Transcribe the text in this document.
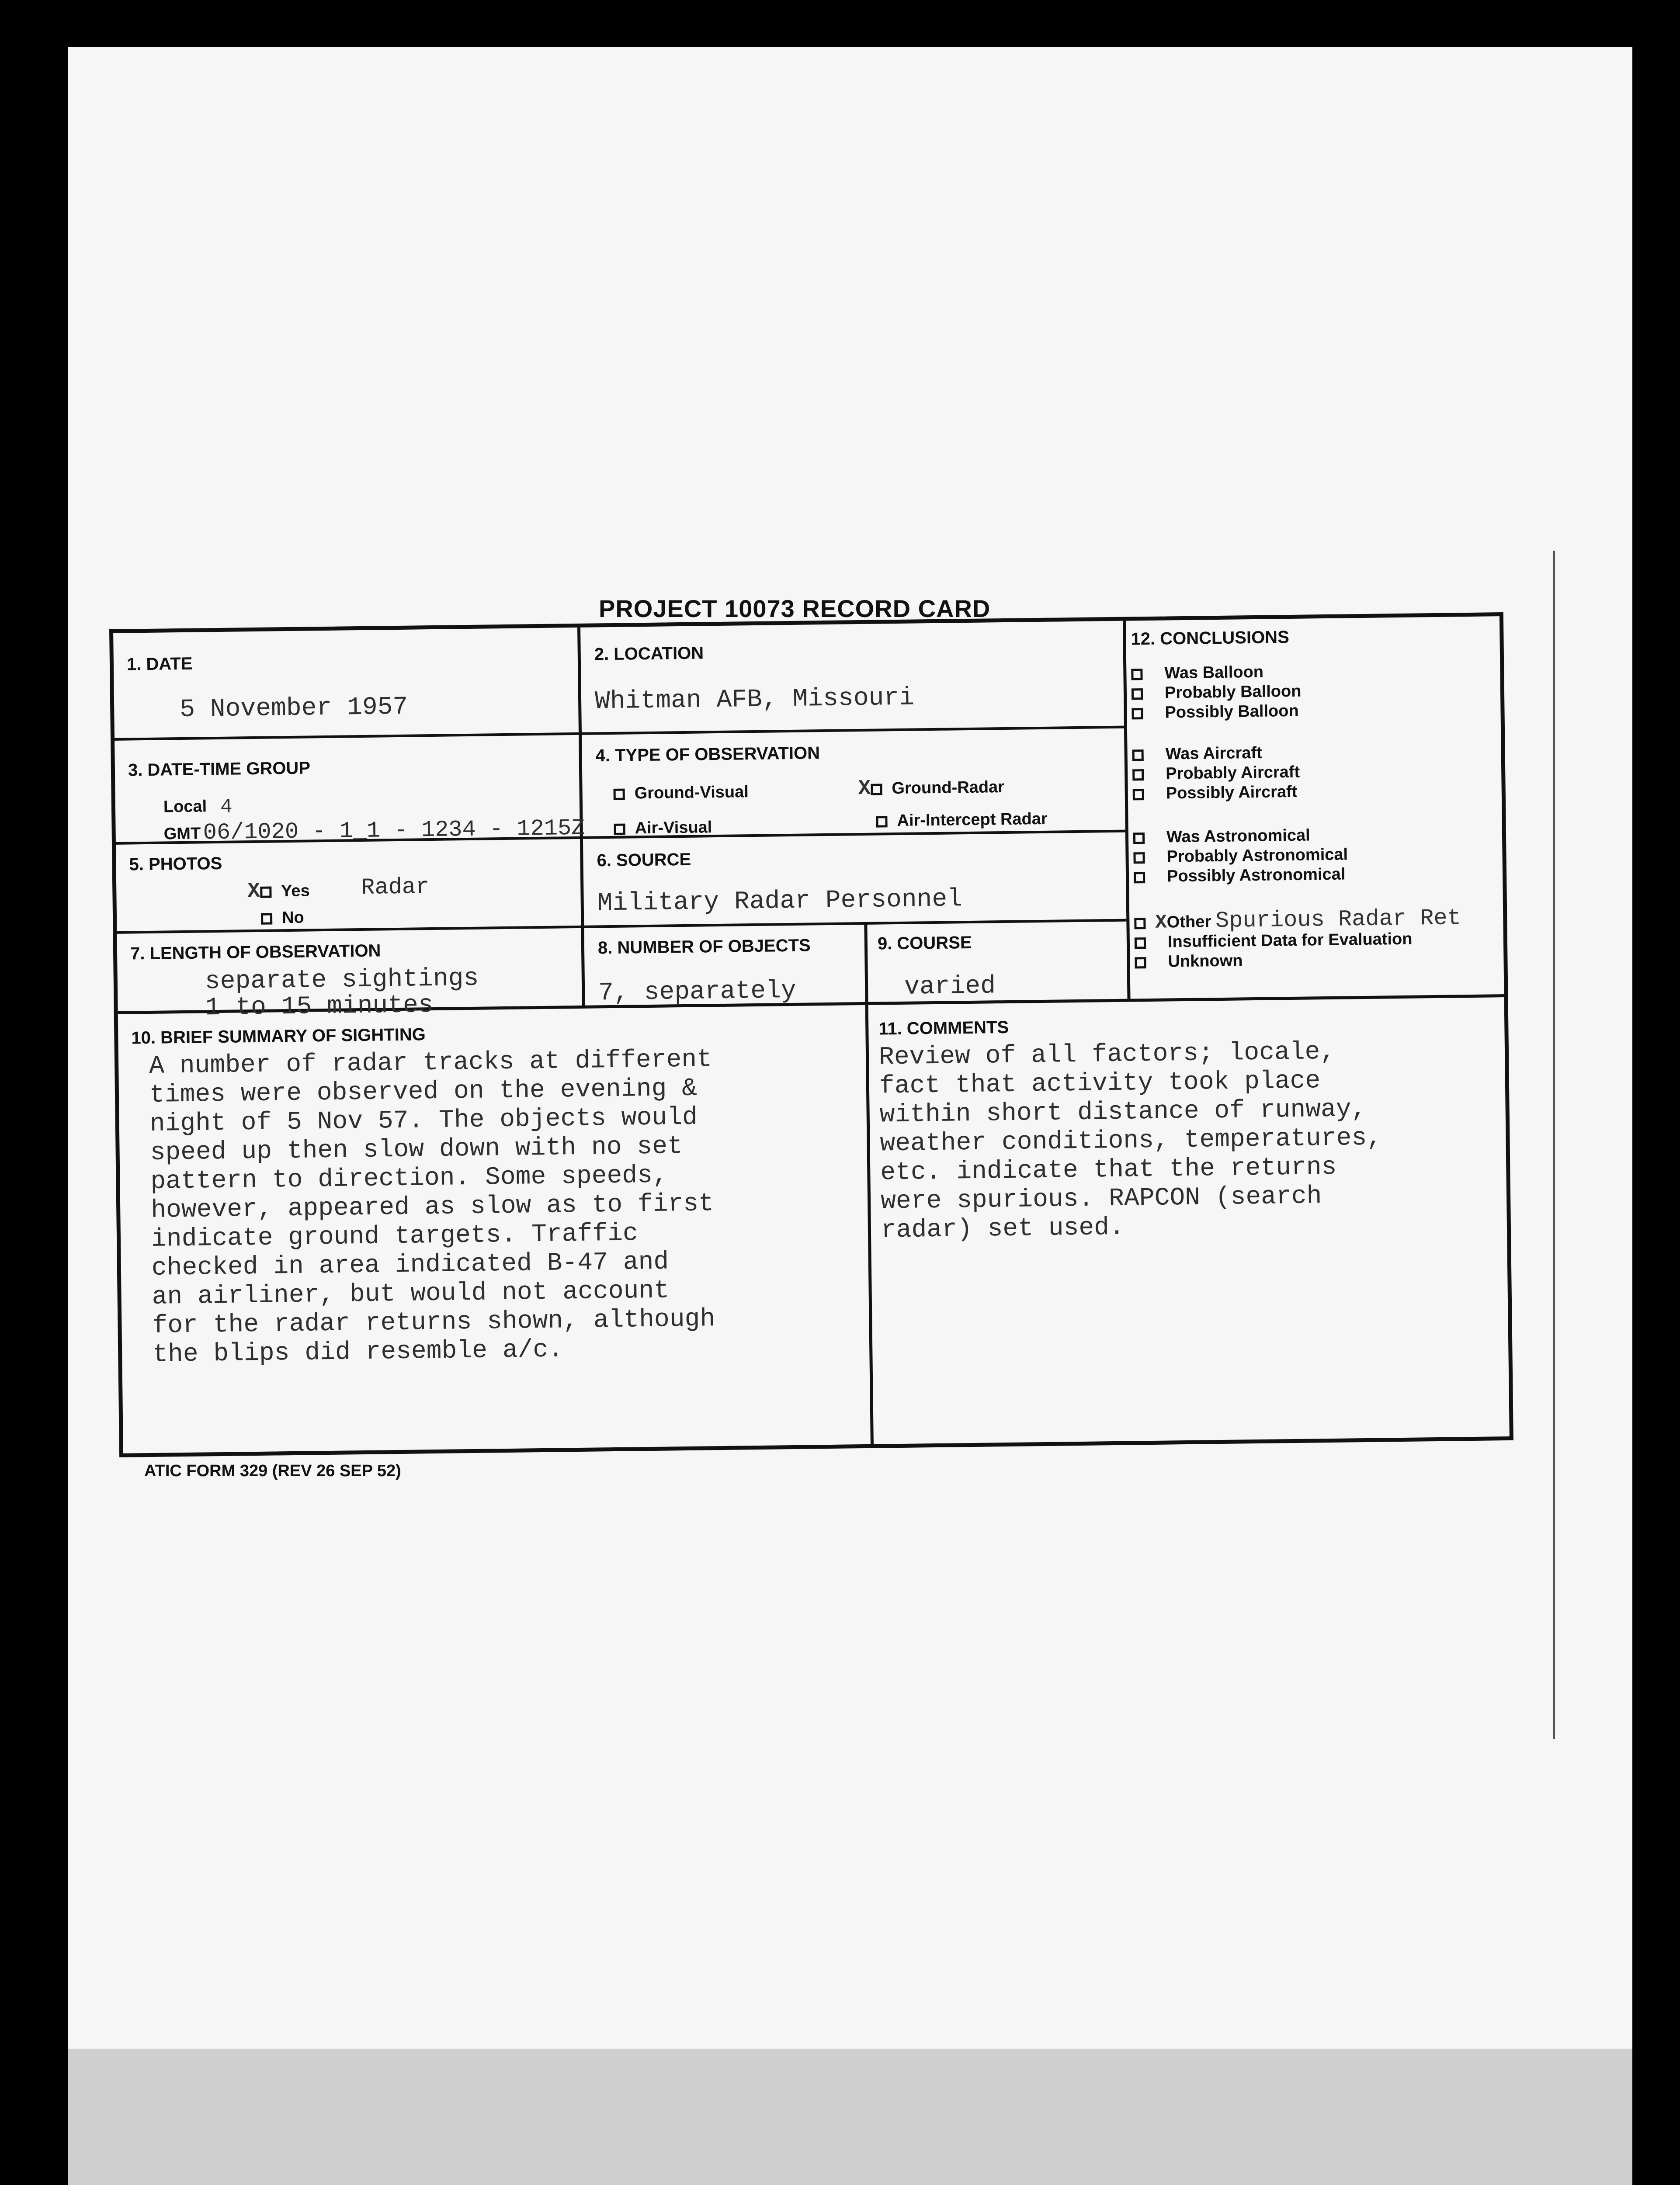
PROJECT 10073 RECORD CARD
1. DATE
5 November 1957
2. LOCATION
Whitman AFB, Missouri
3. DATE-TIME GROUP
Local 4
GMT 06/1020 - 1_1 - 1234 - 1215Z
4. TYPE OF OBSERVATION
Ground-Visual	X Ground-Radar
Air-Visual	Air-Intercept Radar
5. PHOTOS
X Yes Radar
No
6. SOURCE
Military Radar Personnel
7. LENGTH OF OBSERVATION
separate sightings
1 to 15 minutes
8. NUMBER OF OBJECTS
7, separately
9. COURSE
varied
10. BRIEF SUMMARY OF SIGHTING
A number of radar tracks at different
times were observed on the evening &
night of 5 Nov 57. The objects would
speed up then slow down with no set
pattern to direction. Some speeds,
however, appeared as slow as to first
indicate ground targets. Traffic
checked in area indicated B-47 and
an airliner, but would not account
for the radar returns shown, although
the blips did resemble a/c.
11. COMMENTS
Review of all factors; locale,
fact that activity took place
within short distance of runway,
weather conditions, temperatures,
etc. indicate that the returns
were spurious. RAPCON (search
radar) set used.
12. CONCLUSIONS
Was Balloon
Probably Balloon
Possibly Balloon
Was Aircraft
Probably Aircraft
Possibly Aircraft
Was Astronomical
Probably Astronomical
Possibly Astronomical
XOther Spurious Radar Ret
Insufficient Data for Evaluation
Unknown
ATIC FORM 329 (REV 26 SEP 52)
